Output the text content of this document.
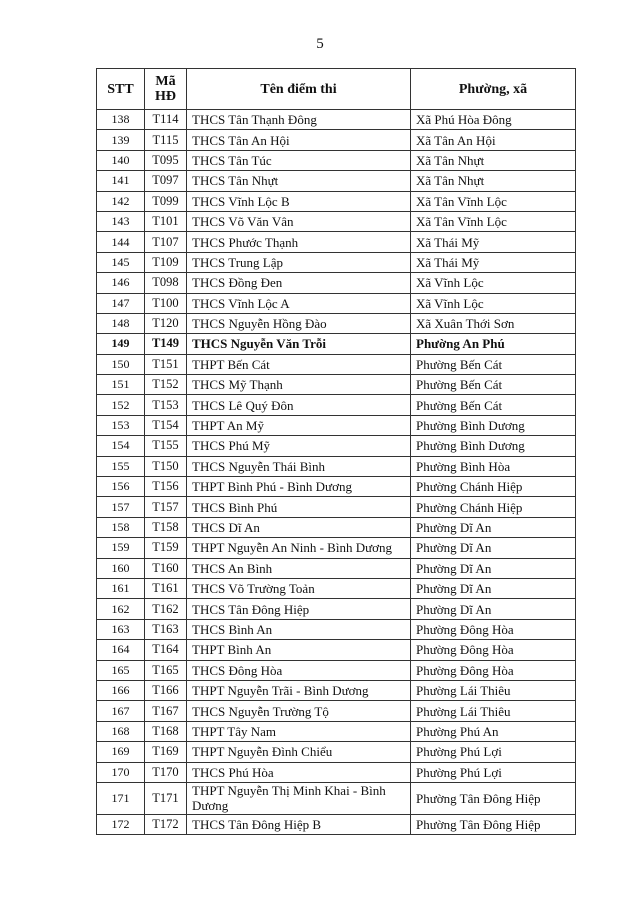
5
STT	Mã HĐ	Tên điểm thi	Phường, xã
138	T114	THCS Tân Thạnh Đông	Xã Phú Hòa Đông
139	T115	THCS Tân An Hội	Xã Tân An Hội
140	T095	THCS Tân Túc	Xã Tân Nhựt
141	T097	THCS Tân Nhựt	Xã Tân Nhựt
142	T099	THCS Vĩnh Lộc B	Xã Tân Vĩnh Lộc
143	T101	THCS Võ Văn Vân	Xã Tân Vĩnh Lộc
144	T107	THCS Phước Thạnh	Xã Thái Mỹ
145	T109	THCS Trung Lập	Xã Thái Mỹ
146	T098	THCS Đồng Đen	Xã Vĩnh Lộc
147	T100	THCS Vĩnh Lộc A	Xã Vĩnh Lộc
148	T120	THCS Nguyễn Hồng Đào	Xã Xuân Thới Sơn
149	T149	THCS Nguyễn Văn Trỗi	Phường An Phú
150	T151	THPT Bến Cát	Phường Bến Cát
151	T152	THCS Mỹ Thạnh	Phường Bến Cát
152	T153	THCS Lê Quý Đôn	Phường Bến Cát
153	T154	THPT An Mỹ	Phường Bình Dương
154	T155	THCS Phú Mỹ	Phường Bình Dương
155	T150	THCS Nguyễn Thái Bình	Phường Bình Hòa
156	T156	THPT Bình Phú - Bình Dương	Phường Chánh Hiệp
157	T157	THCS Bình Phú	Phường Chánh Hiệp
158	T158	THCS Dĩ An	Phường Dĩ An
159	T159	THPT Nguyễn An Ninh - Bình Dương	Phường Dĩ An
160	T160	THCS An Bình	Phường Dĩ An
161	T161	THCS Võ Trường Toản	Phường Dĩ An
162	T162	THCS Tân Đông Hiệp	Phường Dĩ An
163	T163	THCS Bình An	Phường Đông Hòa
164	T164	THPT Bình An	Phường Đông Hòa
165	T165	THCS Đông Hòa	Phường Đông Hòa
166	T166	THPT Nguyễn Trãi - Bình Dương	Phường Lái Thiêu
167	T167	THCS Nguyễn Trường Tộ	Phường Lái Thiêu
168	T168	THPT Tây Nam	Phường Phú An
169	T169	THPT Nguyễn Đình Chiểu	Phường Phú Lợi
170	T170	THCS Phú Hòa	Phường Phú Lợi
171	T171	THPT Nguyễn Thị Minh Khai - Bình Dương	Phường Tân Đông Hiệp
172	T172	THCS Tân Đông Hiệp B	Phường Tân Đông Hiệp
